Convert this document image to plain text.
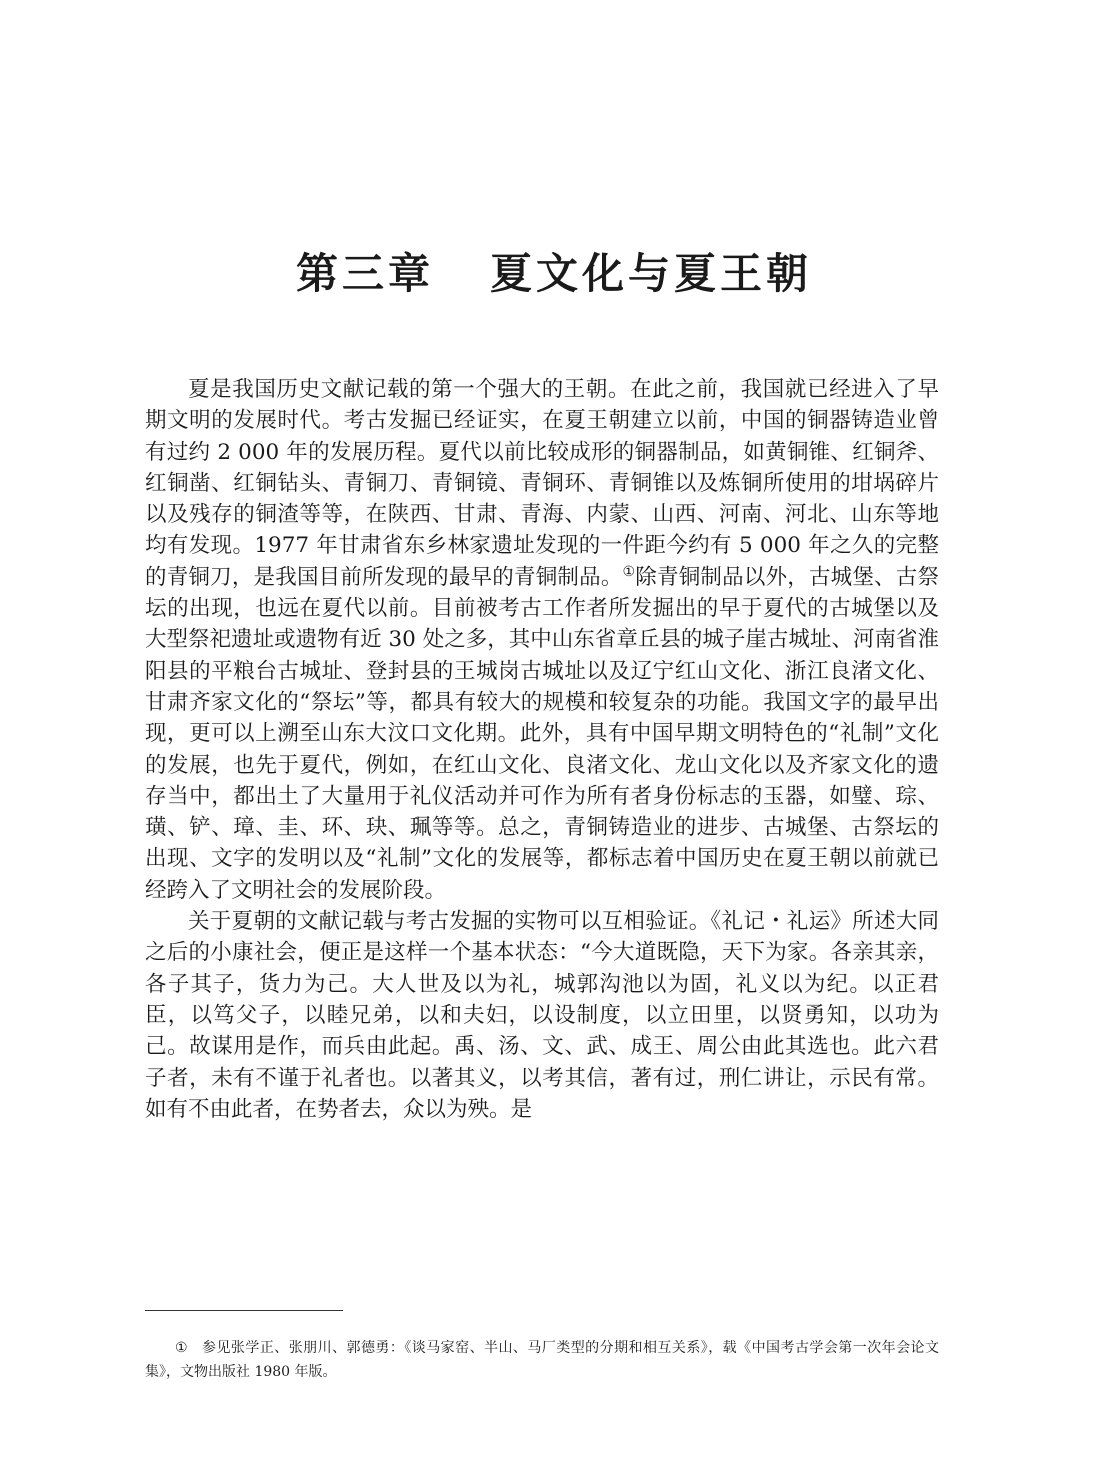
第三章 夏文化与夏王朝

夏是我国历史文献记载的第一个强大的王朝。在此之前，我国就已经进入了早期文明的发展时代。考古发掘已经证实，在夏王朝建立以前，中国的铜器铸造业曾有过约 2 000 年的发展历程。夏代以前比较成形的铜器制品，如黄铜锥、红铜斧、红铜凿、红铜钻头、青铜刀、青铜镜、青铜环、青铜锥以及炼铜所使用的坩埚碎片以及残存的铜渣等等，在陕西、甘肃、青海、内蒙、山西、河南、河北、山东等地均有发现。1977 年甘肃省东乡林家遗址发现的一件距今约有 5 000 年之久的完整的青铜刀，是我国目前所发现的最早的青铜制品。①除青铜制品以外，古城堡、古祭坛的出现，也远在夏代以前。目前被考古工作者所发掘出的早于夏代的古城堡以及大型祭祀遗址或遗物有近 30 处之多，其中山东省章丘县的城子崖古城址、河南省淮阳县的平粮台古城址、登封县的王城岗古城址以及辽宁红山文化、浙江良渚文化、甘肃齐家文化的“祭坛”等，都具有较大的规模和较复杂的功能。我国文字的最早出现，更可以上溯至山东大汶口文化期。此外，具有中国早期文明特色的“礼制”文化的发展，也先于夏代，例如，在红山文化、良渚文化、龙山文化以及齐家文化的遗存当中，都出土了大量用于礼仪活动并可作为所有者身份标志的玉器，如璧、琮、璜、铲、璋、圭、环、玦、珮等等。总之，青铜铸造业的进步、古城堡、古祭坛的出现、文字的发明以及“礼制”文化的发展等，都标志着中国历史在夏王朝以前就已经跨入了文明社会的发展阶段。

关于夏朝的文献记载与考古发掘的实物可以互相验证。《礼记・礼运》所述大同之后的小康社会，便正是这样一个基本状态：“今大道既隐，天下为家。各亲其亲，各子其子，货力为己。大人世及以为礼，城郭沟池以为固，礼义以为纪。以正君臣，以笃父子，以睦兄弟，以和夫妇，以设制度，以立田里，以贤勇知，以功为己。故谋用是作，而兵由此起。禹、汤、文、武、成王、周公由此其选也。此六君子者，未有不谨于礼者也。以著其义，以考其信，著有过，刑仁讲让，示民有常。如有不由此者，在势者去，众以为殃。是

① 参见张学正、张朋川、郭德勇：《谈马家窑、半山、马厂类型的分期和相互关系》，载《中国考古学会第一次年会论文集》，文物出版社 1980 年版。
